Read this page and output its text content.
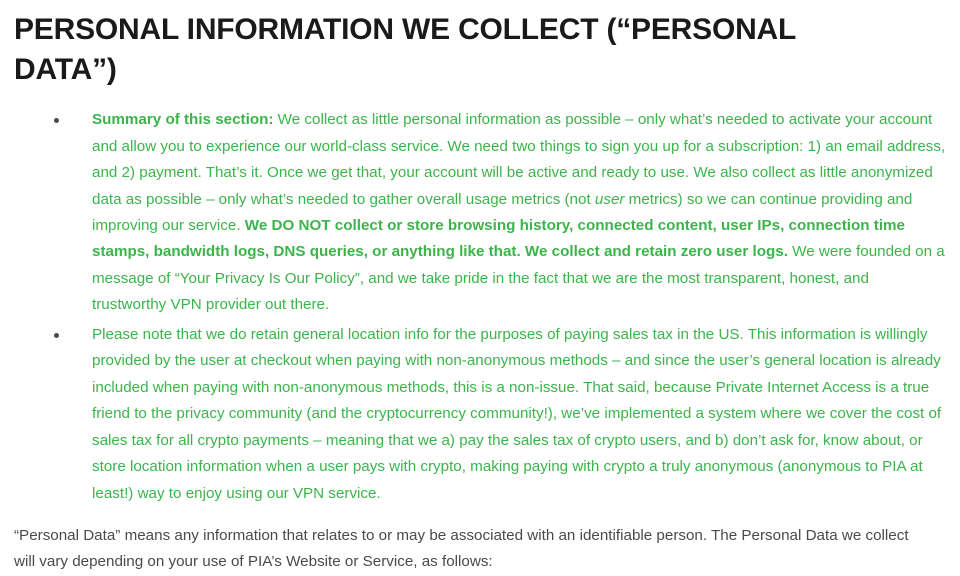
PERSONAL INFORMATION WE COLLECT (“PERSONAL DATA”)
Summary of this section: We collect as little personal information as possible – only what’s needed to activate your account and allow you to experience our world-class service. We need two things to sign you up for a subscription: 1) an email address, and 2) payment. That’s it. Once we get that, your account will be active and ready to use. We also collect as little anonymized data as possible – only what’s needed to gather overall usage metrics (not user metrics) so we can continue providing and improving our service. We DO NOT collect or store browsing history, connected content, user IPs, connection time stamps, bandwidth logs, DNS queries, or anything like that. We collect and retain zero user logs. We were founded on a message of “Your Privacy Is Our Policy”, and we take pride in the fact that we are the most transparent, honest, and trustworthy VPN provider out there.
Please note that we do retain general location info for the purposes of paying sales tax in the US. This information is willingly provided by the user at checkout when paying with non-anonymous methods – and since the user’s general location is already included when paying with non-anonymous methods, this is a non-issue. That said, because Private Internet Access is a true friend to the privacy community (and the cryptocurrency community!), we’ve implemented a system where we cover the cost of sales tax for all crypto payments – meaning that we a) pay the sales tax of crypto users, and b) don’t ask for, know about, or store location information when a user pays with crypto, making paying with crypto a truly anonymous (anonymous to PIA at least!) way to enjoy using our VPN service.

“Personal Data” means any information that relates to or may be associated with an identifiable person. The Personal Data we collect will vary depending on your use of PIA’s Website or Service, as follows:
